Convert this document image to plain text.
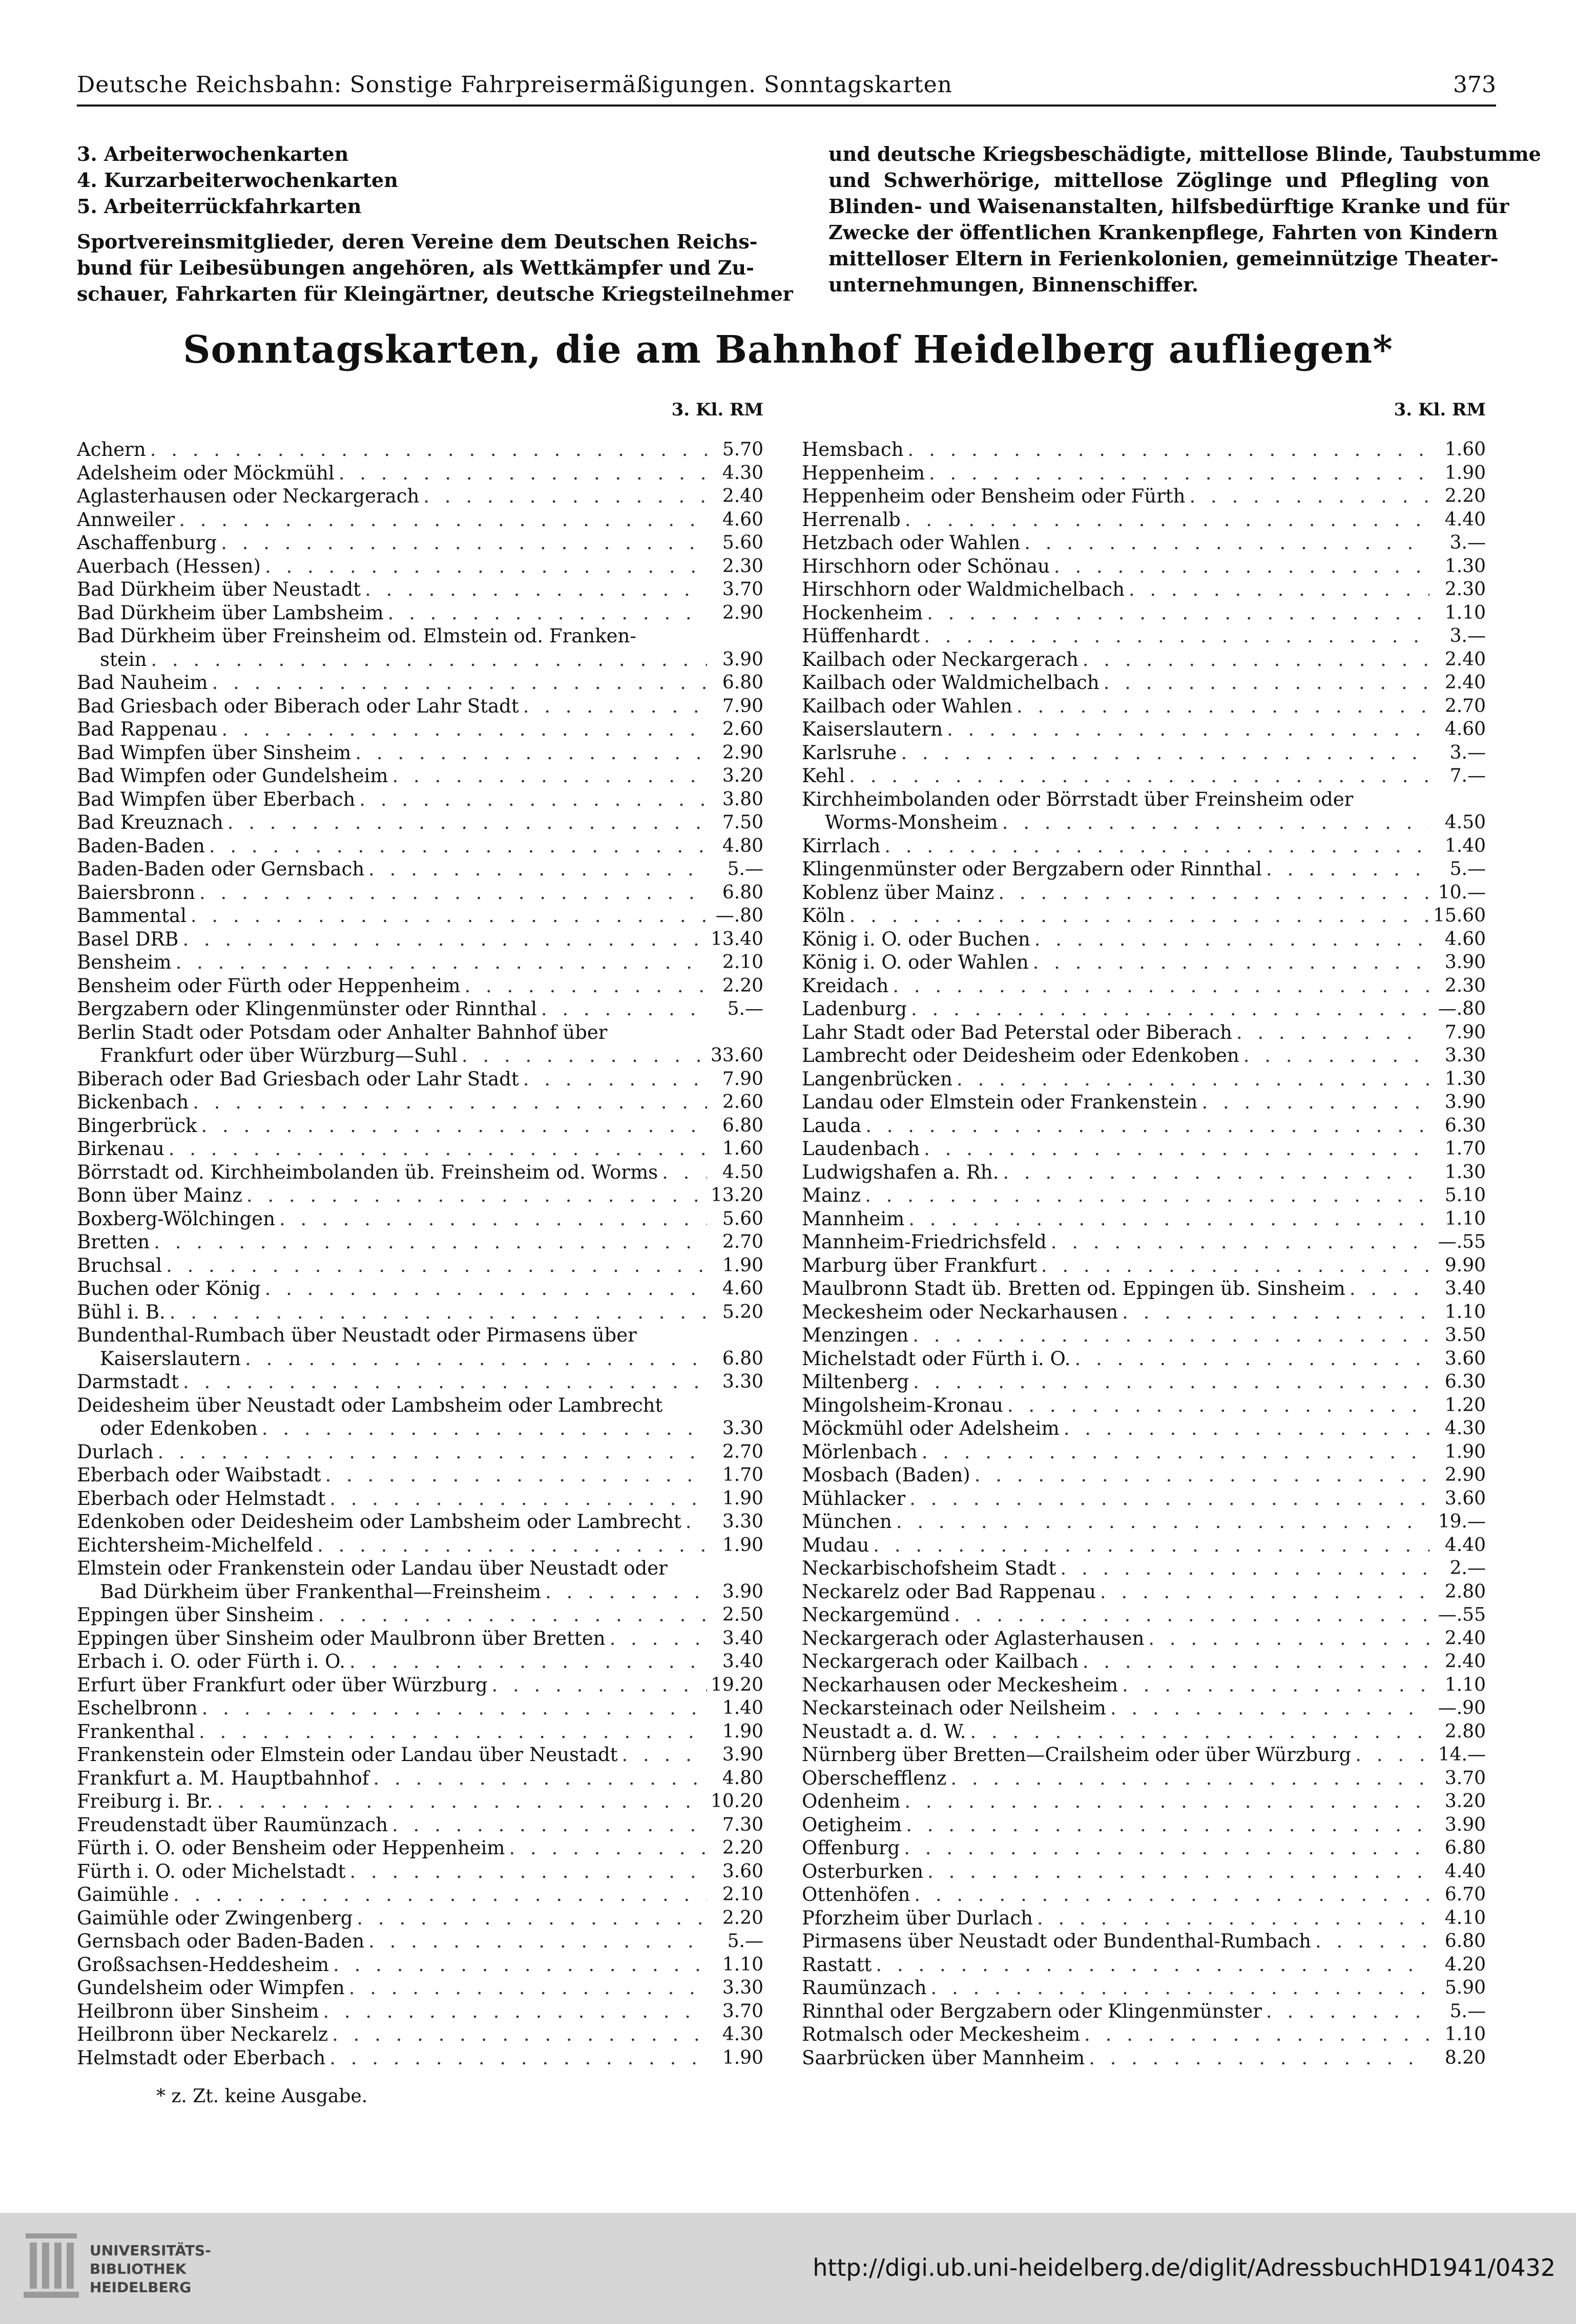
Deutsche Reichsbahn: Sonstige Fahrpreisermäßigungen. Sonntagskarten	373
3. Arbeiterwochenkarten
4. Kurzarbeiterwochenkarten
5. Arbeiterrückfahrkarten
Sportvereinsmitglieder, deren Vereine dem Deutschen Reichs-
bund für Leibesübungen angehören, als Wettkämpfer und Zu-
schauer, Fahrkarten für Kleingärtner, deutsche Kriegsteilnehmer
und deutsche Kriegsbeschädigte, mittellose Blinde, Taubstumme
und Schwerhörige, mittellose Zöglinge und Pflegling von
Blinden- und Waisenanstalten, hilfsbedürftige Kranke und für
Zwecke der öffentlichen Krankenpflege, Fahrten von Kindern
mittelloser Eltern in Ferienkolonien, gemeinnützige Theater-
unternehmungen, Binnenschiffer.
Sonntagskarten, die am Bahnhof Heidelberg aufliegen*
3. Kl. RM
Achern . . .	5.70
Adelsheim oder Möckmühl . . .	4.30
Aglasterhausen oder Neckargerach . . .	2.40
Annweiler . . .	4.60
Aschaffenburg . . .	5.60
Auerbach (Hessen) . . .	2.30
Bad Dürkheim über Neustadt . . .	3.70
Bad Dürkheim über Lambsheim . . .	2.90
Bad Dürkheim über Freinsheim od. Elmstein od. Franken-
stein . . .	3.90
Bad Nauheim . . .	6.80
Bad Griesbach oder Biberach oder Lahr Stadt . . .	7.90
Bad Rappenau . . .	2.60
Bad Wimpfen über Sinsheim . . .	2.90
Bad Wimpfen oder Gundelsheim . . .	3.20
Bad Wimpfen über Eberbach . . .	3.80
Bad Kreuznach . . .	7.50
Baden-Baden . . .	4.80
Baden-Baden oder Gernsbach . . .	5.—
Baiersbronn . . .	6.80
Bammental . . .	—.80
Basel DRB . . .	13.40
Bensheim . . .	2.10
Bensheim oder Fürth oder Heppenheim . . .	2.20
Bergzabern oder Klingenmünster oder Rinnthal . . .	5.—
Berlin Stadt oder Potsdam oder Anhalter Bahnhof über
Frankfurt oder über Würzburg—Suhl . . .	33.60
Biberach oder Bad Griesbach oder Lahr Stadt . . .	7.90
Bickenbach . . .	2.60
Bingerbrück . . .	6.80
Birkenau . . .	1.60
Börrstadt od. Kirchheimbolanden üb. Freinsheim od. Worms . . .	4.50
Bonn über Mainz . . .	13.20
Boxberg-Wölchingen . . .	5.60
Bretten . . .	2.70
Bruchsal . . .	1.90
Buchen oder König . . .	4.60
Bühl i. B. . . .	5.20
Bundenthal-Rumbach über Neustadt oder Pirmasens über
Kaiserslautern . . .	6.80
Darmstadt . . .	3.30
Deidesheim über Neustadt oder Lambsheim oder Lambrecht
oder Edenkoben . . .	3.30
Durlach . . .	2.70
Eberbach oder Waibstadt . . .	1.70
Eberbach oder Helmstadt . . .	1.90
Edenkoben oder Deidesheim oder Lambsheim oder Lambrecht . . .	3.30
Eichtersheim-Michelfeld . . .	1.90
Elmstein oder Frankenstein oder Landau über Neustadt oder
Bad Dürkheim über Frankenthal—Freinsheim . . .	3.90
Eppingen über Sinsheim . . .	2.50
Eppingen über Sinsheim oder Maulbronn über Bretten . . .	3.40
Erbach i. O. oder Fürth i. O. . . .	3.40
Erfurt über Frankfurt oder über Würzburg . . .	19.20
Eschelbronn . . .	1.40
Frankenthal . . .	1.90
Frankenstein oder Elmstein oder Landau über Neustadt . . .	3.90
Frankfurt a. M. Hauptbahnhof . . .	4.80
Freiburg i. Br. . . .	10.20
Freudenstadt über Raumünzach . . .	7.30
Fürth i. O. oder Bensheim oder Heppenheim . . .	2.20
Fürth i. O. oder Michelstadt . . .	3.60
Gaimühle . . .	2.10
Gaimühle oder Zwingenberg . . .	2.20
Gernsbach oder Baden-Baden . . .	5.—
Großsachsen-Heddesheim . . .	1.10
Gundelsheim oder Wimpfen . . .	3.30
Heilbronn über Sinsheim . . .	3.70
Heilbronn über Neckarelz . . .	4.30
Helmstadt oder Eberbach . . .	1.90
3. Kl. RM
Hemsbach . . .	1.60
Heppenheim . . .	1.90
Heppenheim oder Bensheim oder Fürth . . .	2.20
Herrenalb . . .	4.40
Hetzbach oder Wahlen . . .	3.—
Hirschhorn oder Schönau . . .	1.30
Hirschhorn oder Waldmichelbach . . .	2.30
Hockenheim . . .	1.10
Hüffenhardt . . .	3.—
Kailbach oder Neckargerach . . .	2.40
Kailbach oder Waldmichelbach . . .	2.40
Kailbach oder Wahlen . . .	2.70
Kaiserslautern . . .	4.60
Karlsruhe . . .	3.—
Kehl . . .	7.—
Kirchheimbolanden oder Börrstadt über Freinsheim oder
Worms-Monsheim . . .	4.50
Kirrlach . . .	1.40
Klingenmünster oder Bergzabern oder Rinnthal . . .	5.—
Koblenz über Mainz . . .	10.—
Köln . . .	15.60
König i. O. oder Buchen . . .	4.60
König i. O. oder Wahlen . . .	3.90
Kreidach . . .	2.30
Ladenburg . . .	—.80
Lahr Stadt oder Bad Peterstal oder Biberach . . .	7.90
Lambrecht oder Deidesheim oder Edenkoben . . .	3.30
Langenbrücken . . .	1.30
Landau oder Elmstein oder Frankenstein . . .	3.90
Lauda . . .	6.30
Laudenbach . . .	1.70
Ludwigshafen a. Rh. . . .	1.30
Mainz . . .	5.10
Mannheim . . .	1.10
Mannheim-Friedrichsfeld . . .	—.55
Marburg über Frankfurt . . .	9.90
Maulbronn Stadt üb. Bretten od. Eppingen üb. Sinsheim . . .	3.40
Meckesheim oder Neckarhausen . . .	1.10
Menzingen . . .	3.50
Michelstadt oder Fürth i. O. . . .	3.60
Miltenberg . . .	6.30
Mingolsheim-Kronau . . .	1.20
Möckmühl oder Adelsheim . . .	4.30
Mörlenbach . . .	1.90
Mosbach (Baden) . . .	2.90
Mühlacker . . .	3.60
München . . .	19.—
Mudau . . .	4.40
Neckarbischofsheim Stadt . . .	2.—
Neckarelz oder Bad Rappenau . . .	2.80
Neckargemünd . . .	—.55
Neckargerach oder Aglasterhausen . . .	2.40
Neckargerach oder Kailbach . . .	2.40
Neckarhausen oder Meckesheim . . .	1.10
Neckarsteinach oder Neilsheim . . .	—.90
Neustadt a. d. W. . . .	2.80
Nürnberg über Bretten—Crailsheim oder über Würzburg . . .	14.—
Oberschefflenz . . .	3.70
Odenheim . . .	3.20
Oetigheim . . .	3.90
Offenburg . . .	6.80
Osterburken . . .	4.40
Ottenhöfen . . .	6.70
Pforzheim über Durlach . . .	4.10
Pirmasens über Neustadt oder Bundenthal-Rumbach . . .	6.80
Rastatt . . .	4.20
Raumünzach . . .	5.90
Rinnthal oder Bergzabern oder Klingenmünster . . .	5.—
Rotmalsch oder Meckesheim . . .	1.10
Saarbrücken über Mannheim . . .	8.20
* z. Zt. keine Ausgabe.
UNIVERSITÄTS-
BIBLIOTHEK
HEIDELBERG
http://digi.ub.uni-heidelberg.de/diglit/AdressbuchHD1941/0432
